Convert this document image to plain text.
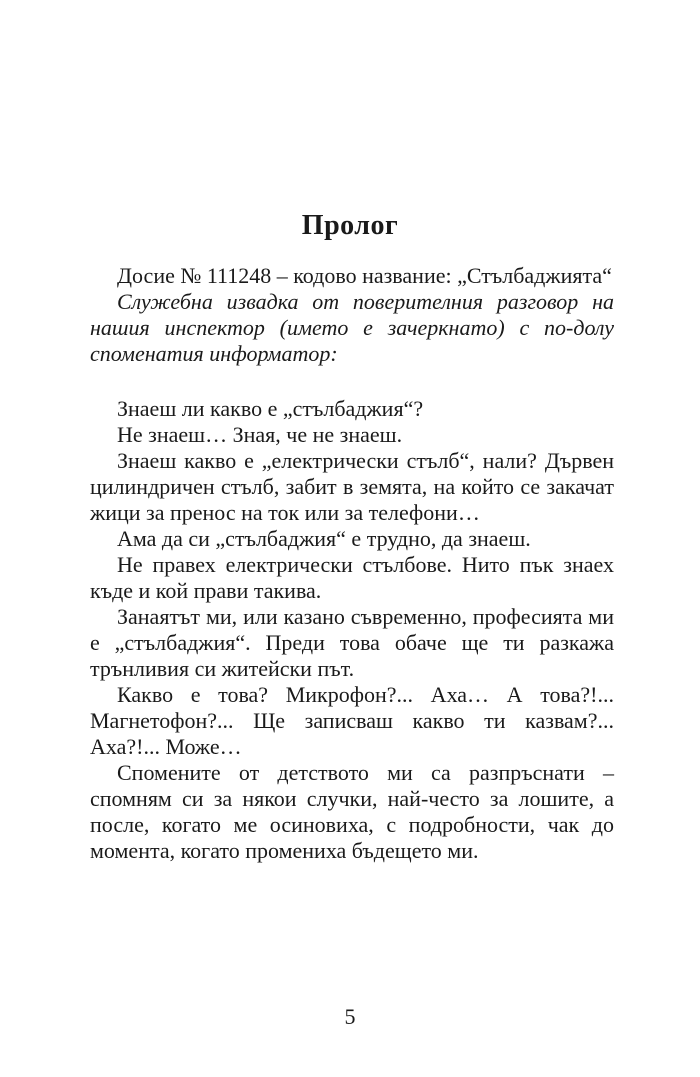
Пролог

Досие № 111248 – кодово название: „Стълбаджията“

Служебна извадка от поверителния разговор на нашия инспектор (името е зачеркнато) с по-долу споменатия информатор:

Знаеш ли какво е „стълбаджия“?

Не знаеш… Зная, че не знаеш.

Знаеш какво е „електрически стълб“, нали? Дървен цилиндричен стълб, забит в земята, на който се закачат жици за пренос на ток или за телефони…

Ама да си „стълбаджия“ е трудно, да знаеш.

Не правех електрически стълбове. Нито пък знаех къде и кой прави такива.

Занаятът ми, или казано съвременно, професията ми е „стълбаджия“. Преди това обаче ще ти разкажа трънливия си житейски път.

Какво е това? Микрофон?... Аха… А това?!... Магнетофон?... Ще записваш какво ти казвам?... Аха?!... Може…

Спомените от детството ми са разпръснати – спомням си за някои случки, най-често за лошите, а после, когато ме осиновиха, с подробности, чак до момента, когато промениха бъдещето ми.

5
